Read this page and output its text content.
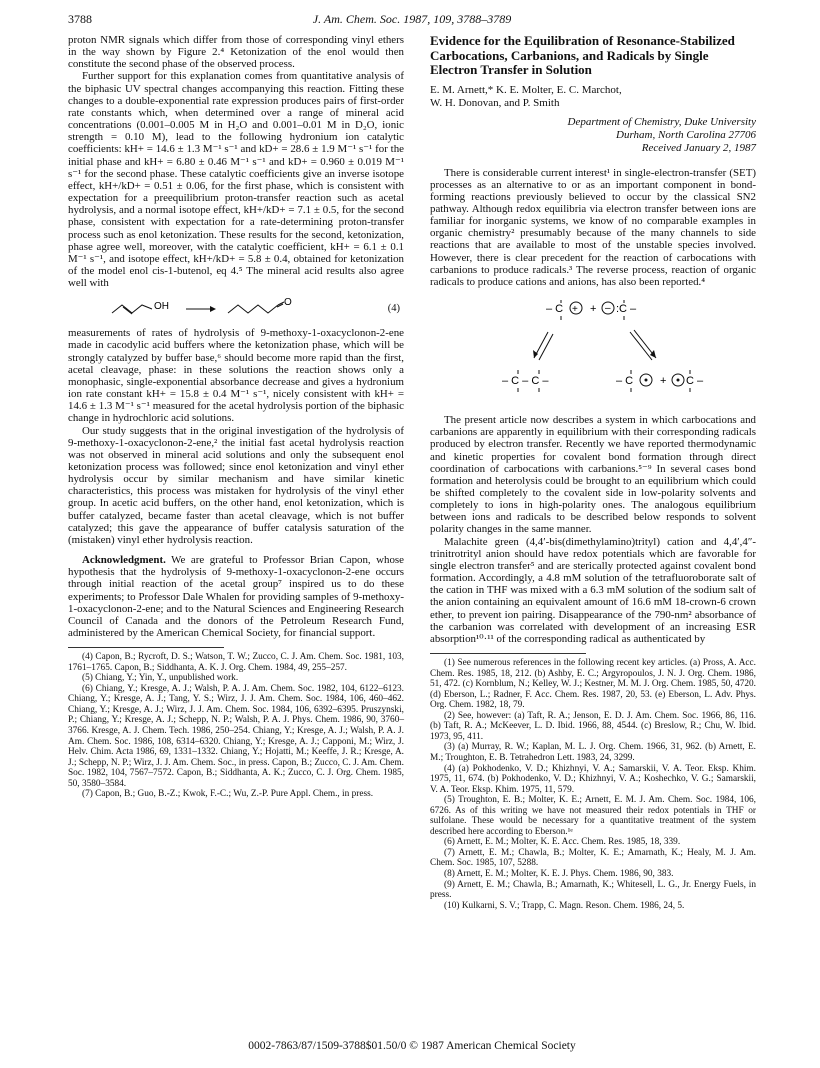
3788	J. Am. Chem. Soc. 1987, 109, 3788–3789

proton NMR signals which differ from those of corresponding vinyl ethers in the way shown by Figure 2.⁴ Ketonization of the enol would then constitute the second phase of the observed process.

Further support for this explanation comes from quantitative analysis of the biphasic UV spectral changes accompanying this reaction. Fitting these changes to a double-exponential rate expression produces pairs of first-order rate constants which, when determined over a range of mineral acid concentrations (0.001–0.005 M in H₂O and 0.001–0.01 M in D₂O, ionic strength = 0.10 M), lead to the following hydronium ion catalytic coefficients: kH+ = 14.6 ± 1.3 M⁻¹ s⁻¹ and kD+ = 28.6 ± 1.9 M⁻¹ s⁻¹ for the initial phase and kH+ = 6.80 ± 0.46 M⁻¹ s⁻¹ and kD+ = 0.960 ± 0.019 M⁻¹ s⁻¹ for the second phase. These catalytic coefficients give an inverse isotope effect, kH+/kD+ = 0.51 ± 0.06, for the first phase, which is consistent with expectation for a preequilibrium proton-transfer reaction such as acetal hydrolysis, and a normal isotope effect, kH+/kD+ = 7.1 ± 0.5, for the second phase, consistent with expectation for a rate-determining proton-transfer process such as enol ketonization. These results for the second, ketonization, phase agree well, moreover, with the catalytic coefficient, kH+ = 6.1 ± 0.1 M⁻¹ s⁻¹, and isotope effect, kH+/kD+ = 5.8 ± 0.4, obtained for ketonization of the model enol cis-1-butenol, eq 4.⁵ The mineral acid results also agree well with

OH	O
(4)

measurements of rates of hydrolysis of 9-methoxy-1-oxacyclonon-2-ene made in cacodylic acid buffers where the ketonization phase, which will be strongly catalyzed by buffer base,⁶ should become more rapid than the first, acetal cleavage, phase: in these solutions the reaction shows only a monophasic, single-exponential absorbance decrease and gives a hydronium ion rate constant kH+ = 15.8 ± 0.4 M⁻¹ s⁻¹, nicely consistent with kH+ = 14.6 ± 1.3 M⁻¹ s⁻¹ measured for the acetal hydrolysis portion of the biphasic change in hydrochloric acid solutions.

Our study suggests that in the original investigation of the hydrolysis of 9-methoxy-1-oxacyclonon-2-ene,² the initial fast acetal hydrolysis reaction was not observed in mineral acid solutions and only the subsequent enol ketonization process was followed; since enol ketonization and vinyl ether hydrolysis occur by similar mechanism and have similar kinetic characteristics, this process was mistaken for hydrolysis of the vinyl ether group. In acetic acid buffers, on the other hand, enol ketonization, which is buffer catalyzed, became faster than acetal cleavage, which is not buffer catalyzed; this gave the appearance of buffer catalysis saturation of the (mistaken) vinyl ether hydrolysis reaction.

Acknowledgment. We are grateful to Professor Brian Capon, whose hypothesis that the hydrolysis of 9-methoxy-1-oxacyclonon-2-ene occurs through initial reaction of the acetal group⁷ inspired us to do these experiments; to Professor Dale Whalen for providing samples of 9-methoxy-1-oxacyclonon-2-ene; and to the Natural Sciences and Engineering Research Council of Canada and the donors of the Petroleum Research Fund, administered by the American Chemical Society, for financial support.

(4) Capon, B.; Rycroft, D. S.; Watson, T. W.; Zucco, C. J. Am. Chem. Soc. 1981, 103, 1761–1765. Capon, B.; Siddhanta, A. K. J. Org. Chem. 1984, 49, 255–257.

(5) Chiang, Y.; Yin, Y., unpublished work.

(6) Chiang, Y.; Kresge, A. J.; Walsh, P. A. J. Am. Chem. Soc. 1982, 104, 6122–6123. Chiang, Y.; Kresge, A. J.; Tang, Y. S.; Wirz, J. J. Am. Chem. Soc. 1984, 106, 460–462. Chiang, Y.; Kresge, A. J.; Wirz, J. J. Am. Chem. Soc. 1984, 106, 6392–6395. Pruszynski, P.; Chiang, Y.; Kresge, A. J.; Schepp, N. P.; Walsh, P. A. J. Phys. Chem. 1986, 90, 3760–3766. Kresge, A. J. Chem. Tech. 1986, 250–254. Chiang, Y.; Kresge, A. J.; Walsh, P. A. J. Am. Chem. Soc. 1986, 108, 6314–6320. Chiang, Y.; Kresge, A. J.; Capponi, M.; Wirz, J. Helv. Chim. Acta 1986, 69, 1331–1332. Chiang, Y.; Hojatti, M.; Keeffe, J. R.; Kresge, A. J.; Schepp, N. P.; Wirz, J. J. Am. Chem. Soc., in press. Capon, B.; Zucco, C. J. Am. Chem. Soc. 1982, 104, 7567–7572. Capon, B.; Siddhanta, A. K.; Zucco, C. J. Org. Chem. 1985, 50, 3580–3584.

(7) Capon, B.; Guo, B.-Z.; Kwok, F.-C.; Wu, Z.-P. Pure Appl. Chem., in press.

Evidence for the Equilibration of Resonance-Stabilized Carbocations, Carbanions, and Radicals by Single Electron Transfer in Solution
E. M. Arnett,* K. E. Molter, E. C. Marchot,
W. H. Donovan, and P. Smith
Department of Chemistry, Duke University
Durham, North Carolina 27706
Received January 2, 1987

There is considerable current interest¹ in single-electron-transfer (SET) processes as an alternative to or as an important component in bond-forming reactions previously believed to occur by the classical SN2 pathway. Although redox equilibria via electron transfer between ions are familiar for inorganic systems, we know of no comparable examples in organic chemistry² presumably because of the many channels to side reactions that are available to most of the unstable species involved. However, there is clear precedent for the reaction of carbocations with carbanions to produce radicals.³ The reverse process, reaction of organic radicals to produce cations and anions, has also been reported.⁴

– C + + – :C –
– C – C –	– C + C –

The present article now describes a system in which carbocations and carbanions are apparently in equilibrium with their corresponding radicals produced by electron transfer. Recently we have reported thermodynamic and kinetic properties for covalent bond formation through direct coordination of carbocations with carbanions.⁵⁻⁹ In several cases bond formation and heterolysis could be brought to an equilibrium which could be shifted completely to the covalent side in low-polarity solvents and completely to ions in high-polarity ones. The analogous equilibrium between ions and radicals to be described below responds to solvent polarity changes in the same manner.

Malachite green (4,4′-bis(dimethylamino)trityl) cation and 4,4′,4″-trinitrotrityl anion should have redox potentials which are favorable for single electron transfer⁵ and are sterically protected against covalent bond formation. Accordingly, a 4.8 mM solution of the tetrafluoroborate salt of the cation in THF was mixed with a 6.3 mM solution of the sodium salt of the anion containing an equivalent amount of 16.6 mM 18-crown-6 crown ether, to prevent ion pairing. Disappearance of the 790-nm² absorbance of the carbanion was correlated with development of an increasing ESR absorption¹⁰·¹¹ of the corresponding radical as authenticated by

(1) See numerous references in the following recent key articles. (a) Pross, A. Acc. Chem. Res. 1985, 18, 212. (b) Ashby, E. C.; Argyropoulos, J. N. J. Org. Chem. 1986, 51, 472. (c) Kornblum, N.; Kelley, W. J.; Kestner, M. M. J. Org. Chem. 1985, 50, 4720. (d) Eberson, L.; Radner, F. Acc. Chem. Res. 1987, 20, 53. (e) Eberson, L. Adv. Phys. Org. Chem. 1982, 18, 79.

(2) See, however: (a) Taft, R. A.; Jenson, E. D. J. Am. Chem. Soc. 1966, 86, 116. (b) Taft, R. A.; McKeever, L. D. Ibid. 1966, 88, 4544. (c) Breslow, R.; Chu, W. Ibid. 1973, 95, 411.

(3) (a) Murray, R. W.; Kaplan, M. L. J. Org. Chem. 1966, 31, 962. (b) Arnett, E. M.; Troughton, E. B. Tetrahedron Lett. 1983, 24, 3299.

(4) (a) Pokhodenko, V. D.; Khizhnyi, V. A.; Samarskii, V. A. Teor. Eksp. Khim. 1975, 11, 674. (b) Pokhodenko, V. D.; Khizhnyi, V. A.; Koshechko, V. G.; Samarskii, V. A. Teor. Eksp. Khim. 1975, 11, 579.

(5) Troughton, E. B.; Molter, K. E.; Arnett, E. M. J. Am. Chem. Soc. 1984, 106, 6726. As of this writing we have not measured their redox potentials in THF or sulfolane. These would be necessary for a quantitative treatment of the system described here according to Eberson.¹ᵉ

(6) Arnett, E. M.; Molter, K. E. Acc. Chem. Res. 1985, 18, 339.

(7) Arnett, E. M.; Chawla, B.; Molter, K. E.; Amarnath, K.; Healy, M. J. Am. Chem. Soc. 1985, 107, 5288.

(8) Arnett, E. M.; Molter, K. E. J. Phys. Chem. 1986, 90, 383.

(9) Arnett, E. M.; Chawla, B.; Amarnath, K.; Whitesell, L. G., Jr. Energy Fuels, in press.

(10) Kulkarni, S. V.; Trapp, C. Magn. Reson. Chem. 1986, 24, 5.

0002-7863/87/1509-3788$01.50/0 © 1987 American Chemical Society
